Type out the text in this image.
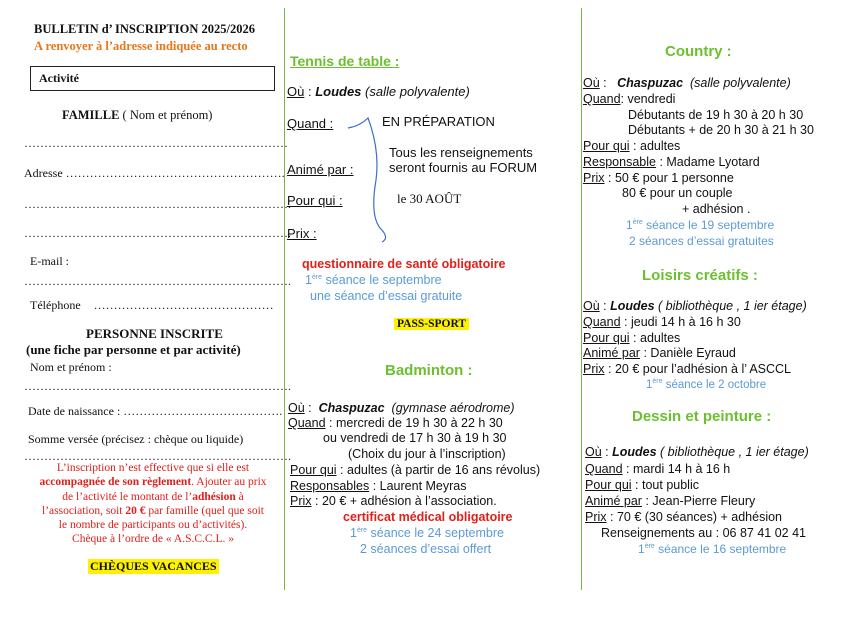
BULLETIN d’ INSCRIPTION 2025/2026
A renvoyer à l’adresse indiquée au recto
Activité
FAMILLE ( Nom et prénom)
…………………………………………………………
Adresse ……………………………………………….
………………………………………………………….
………………………………………………………….
E-mail :
………………………………………………………….
Téléphone ………………………………………
PERSONNE INSCRITE
(une fiche par personne et par activité)
Nom et prénom :
………………………………………………………….
Date de naissance : ………………………………….
Somme versée (précisez : chèque ou liquide)
………………………………………………………….
L’inscription n’est effective que si elle est
accompagnée de son règlement. Ajouter au prix
de l’activité le montant de l’adhésion à
l’association, soit 20 € par famille (quel que soit
le nombre de participants ou d’activités).
Chèque à l’ordre de « A.S.C.C.L. »
CHÈQUES VACANCES
Tennis de table :
Où : Loudes (salle polyvalente)
Quand :
Animé par :
Pour qui :
Prix :
EN PRÉPARATION
Tous les renseignements
seront fournis au FORUM
le 30 AOÛT
questionnaire de santé obligatoire
1ère séance le septembre
une séance d’essai gratuite
PASS-SPORT
Badminton :
Où :  Chaspuzac (gymnase aérodrome)
Quand : mercredi de 19 h 30 à 22 h 30
ou vendredi de 17 h 30 à 19 h 30
(Choix du jour à l’inscription)
Pour qui : adultes (à partir de 16 ans révolus)
Responsables : Laurent Meyras
Prix : 20 € + adhésion à l’association.
certificat médical obligatoire
1ère séance le 24 septembre
2 séances d’essai offert
Country :
Où :   Chaspuzac (salle polyvalente)
Quand: vendredi
Débutants de 19 h 30 à 20 h 30
Débutants + de 20 h 30 à 21 h 30
Pour qui : adultes
Responsable : Madame Lyotard
Prix : 50 € pour 1 personne
80 € pour un couple
+ adhésion .
1ère séance le 19 septembre
2 séances d’essai gratuites
Loisirs créatifs :
Où : Loudes ( bibliothèque , 1 ier étage)
Quand : jeudi 14 h à 16 h 30
Pour qui : adultes
Animé par : Danièle Eyraud
Prix : 20 € pour l’adhésion à l’ ASCCL
1ère séance le 2 octobre
Dessin et peinture :
Où : Loudes ( bibliothèque , 1 ier étage)
Quand : mardi 14 h à 16 h
Pour qui : tout public
Animé par : Jean-Pierre Fleury
Prix : 70 € (30 séances) + adhésion
Renseignements au : 06 87 41 02 41
1ère séance le 16 septembre
